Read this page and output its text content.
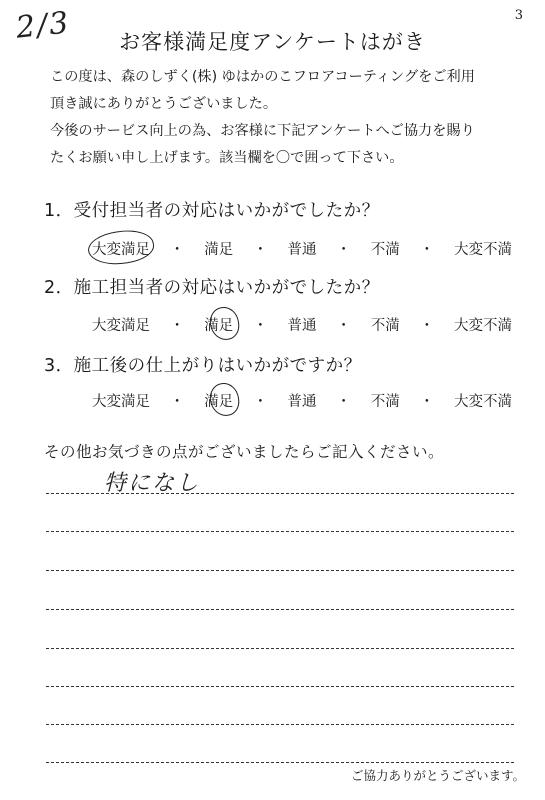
2/3	3
お客様満足度アンケートはがき
この度は、森のしずく(株) ゆはかのこフロアコーティングをご利用
頂き誠にありがとうございました。
今後のサービス向上の為、お客様に下記アンケートへご協力を賜り
たくお願い申し上げます。該当欄を〇で囲って下さい。
1．受付担当者の対応はいかがでしたか？
大変満足 ・ 満足 ・ 普通 ・ 不満 ・ 大変不満
2．施工担当者の対応はいかがでしたか？
大変満足 ・ 満足 ・ 普通 ・ 不満 ・ 大変不満
3．施工後の仕上がりはいかがですか？
大変満足 ・ 満足 ・ 普通 ・ 不満 ・ 大変不満
その他お気づきの点がございましたらご記入ください。
特になし
ご協力ありがとうございます。
